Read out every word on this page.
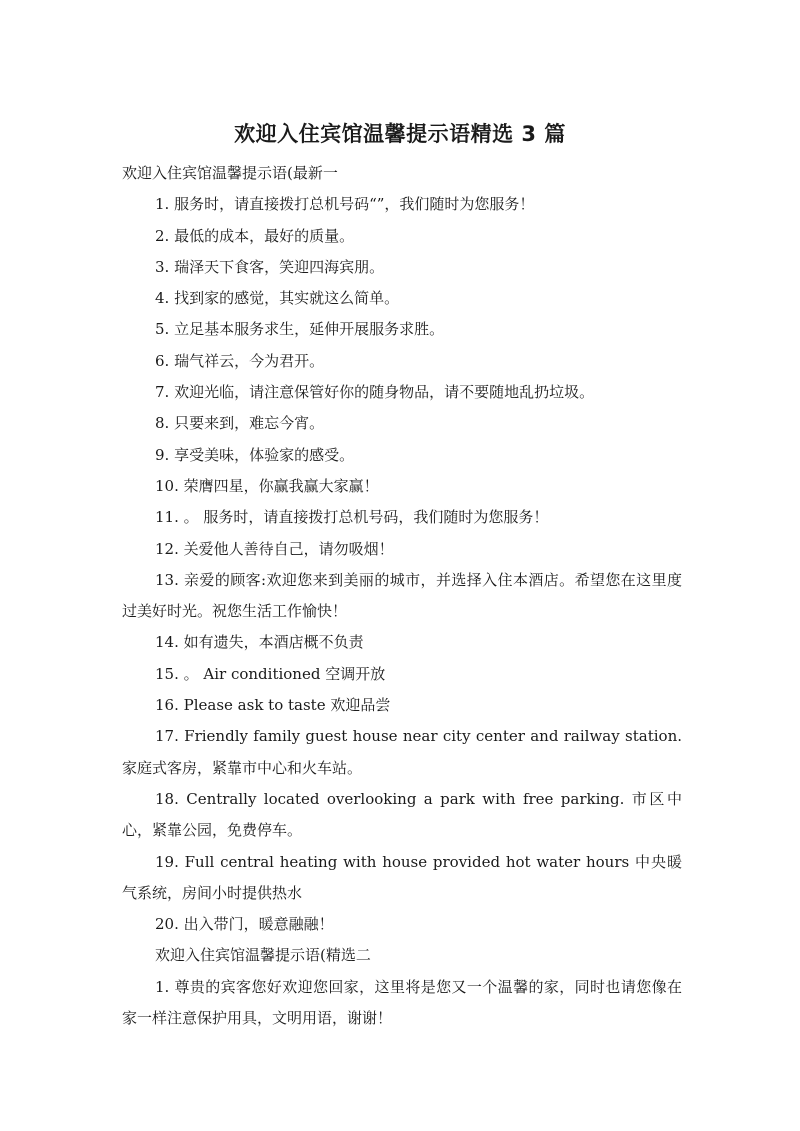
欢迎入住宾馆温馨提示语精选 3 篇

欢迎入住宾馆温馨提示语(最新一

1. 服务时，请直接拨打总机号码“”，我们随时为您服务！

2. 最低的成本，最好的质量。

3. 瑞泽天下食客，笑迎四海宾朋。

4. 找到家的感觉，其实就这么简单。

5. 立足基本服务求生，延伸开展服务求胜。

6. 瑞气祥云，今为君开。

7. 欢迎光临，请注意保管好你的随身物品，请不要随地乱扔垃圾。

8. 只要来到，难忘今宵。

9. 享受美味，体验家的感受。

10. 荣膺四星，你赢我赢大家赢！

11. 。 服务时，请直接拨打总机号码，我们随时为您服务！

12. 关爱他人善待自己，请勿吸烟！

13. 亲爱的顾客:欢迎您来到美丽的城市，并选择入住本酒店。希望您在这里度过美好时光。祝您生活工作愉快！

14. 如有遗失，本酒店概不负责

15. 。 Air conditioned 空调开放

16. Please ask to taste 欢迎品尝

17. Friendly family guest house near city center and railway station. 家庭式客房，紧靠市中心和火车站。

18. Centrally located overlooking a park with free parking. 市区中心，紧靠公园，免费停车。

19. Full central heating with house provided hot water hours 中央暖气系统，房间小时提供热水

20. 出入带门，暖意融融！

欢迎入住宾馆温馨提示语(精选二

1. 尊贵的宾客您好欢迎您回家，这里将是您又一个温馨的家，同时也请您像在家一样注意保护用具，文明用语，谢谢！
